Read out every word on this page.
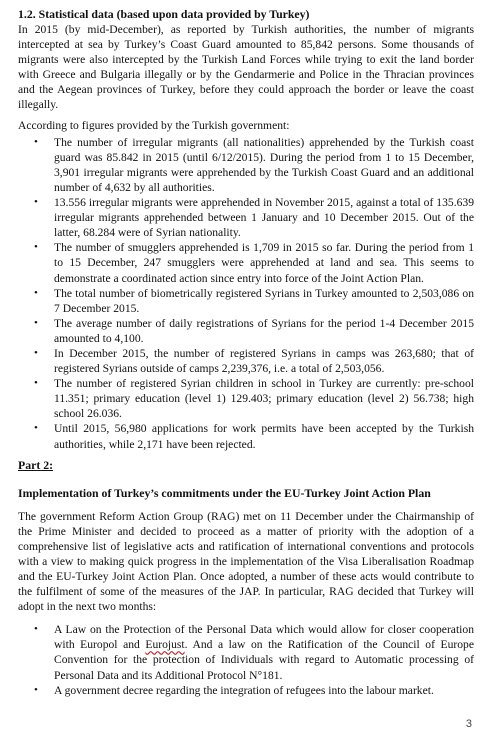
1.2. Statistical data (based upon data provided by Turkey)

In 2015 (by mid-December), as reported by Turkish authorities, the number of migrants intercepted at sea by Turkey’s Coast Guard amounted to 85,842 persons. Some thousands of migrants were also intercepted by the Turkish Land Forces while trying to exit the land border with Greece and Bulgaria illegally or by the Gendarmerie and Police in the Thracian provinces and the Aegean provinces of Turkey, before they could approach the border or leave the coast illegally.

According to figures provided by the Turkish government:

• The number of irregular migrants (all nationalities) apprehended by the Turkish coast guard was 85.842 in 2015 (until 6/12/2015). During the period from 1 to 15 December, 3,901 irregular migrants were apprehended by the Turkish Coast Guard and an additional number of 4,632 by all authorities.
• 13.556 irregular migrants were apprehended in November 2015, against a total of 135.639 irregular migrants apprehended between 1 January and 10 December 2015. Out of the latter, 68.284 were of Syrian nationality.
• The number of smugglers apprehended is 1,709 in 2015 so far. During the period from 1 to 15 December, 247 smugglers were apprehended at land and sea. This seems to demonstrate a coordinated action since entry into force of the Joint Action Plan.
• The total number of biometrically registered Syrians in Turkey amounted to 2,503,086 on 7 December 2015.
• The average number of daily registrations of Syrians for the period 1-4 December 2015 amounted to 4,100.
• In December 2015, the number of registered Syrians in camps was 263,680; that of registered Syrians outside of camps 2,239,376, i.e. a total of 2,503,056.
• The number of registered Syrian children in school in Turkey are currently: pre-school 11.351; primary education (level 1) 129.403; primary education (level 2) 56.738; high school 26.036.
• Until 2015, 56,980 applications for work permits have been accepted by the Turkish authorities, while 2,171 have been rejected.
Part 2:
Implementation of Turkey’s commitments under the EU-Turkey Joint Action Plan

The government Reform Action Group (RAG) met on 11 December under the Chairmanship of the Prime Minister and decided to proceed as a matter of priority with the adoption of a comprehensive list of legislative acts and ratification of international conventions and protocols with a view to making quick progress in the implementation of the Visa Liberalisation Roadmap and the EU-Turkey Joint Action Plan. Once adopted, a number of these acts would contribute to the fulfilment of some of the measures of the JAP. In particular, RAG decided that Turkey will adopt in the next two months:

• A Law on the Protection of the Personal Data which would allow for closer cooperation with Europol and Eurojust. And a law on the Ratification of the Council of Europe Convention for the protection of Individuals with regard to Automatic processing of Personal Data and its Additional Protocol N°181.
• A government decree regarding the integration of refugees into the labour market.
3
